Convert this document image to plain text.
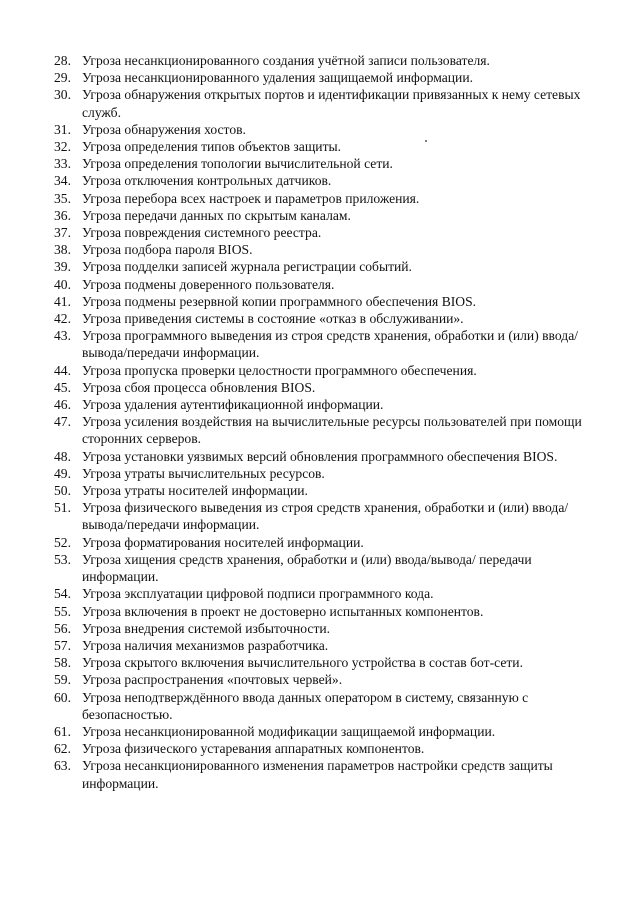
28. Угроза несанкционированного создания учётной записи пользователя.
29. Угроза несанкционированного удаления защищаемой информации.
30. Угроза обнаружения открытых портов и идентификации привязанных к нему сетевых служб.
31. Угроза обнаружения хостов.
32. Угроза определения типов объектов защиты.
33. Угроза определения топологии вычислительной сети.
34. Угроза отключения контрольных датчиков.
35. Угроза перебора всех настроек и параметров приложения.
36. Угроза передачи данных по скрытым каналам.
37. Угроза повреждения системного реестра.
38. Угроза подбора пароля BIOS.
39. Угроза подделки записей журнала регистрации событий.
40. Угроза подмены доверенного пользователя.
41. Угроза подмены резервной копии программного обеспечения BIOS.
42. Угроза приведения системы в состояние «отказ в обслуживании».
43. Угроза программного выведения из строя средств хранения, обработки и (или) ввода/вывода/передачи информации.
44. Угроза пропуска проверки целостности программного обеспечения.
45. Угроза сбоя процесса обновления BIOS.
46. Угроза удаления аутентификационной информации.
47. Угроза усиления воздействия на вычислительные ресурсы пользователей при помощи сторонних серверов.
48. Угроза установки уязвимых версий обновления программного обеспечения BIOS.
49. Угроза утраты вычислительных ресурсов.
50. Угроза утраты носителей информации.
51. Угроза физического выведения из строя средств хранения, обработки и (или) ввода/вывода/передачи информации.
52. Угроза форматирования носителей информации.
53. Угроза хищения средств хранения, обработки и (или) ввода/вывода/ передачи информации.
54. Угроза эксплуатации цифровой подписи программного кода.
55. Угроза включения в проект не достоверно испытанных компонентов.
56. Угроза внедрения системой избыточности.
57. Угроза наличия механизмов разработчика.
58. Угроза скрытого включения вычислительного устройства в состав бот-сети.
59. Угроза распространения «почтовых червей».
60. Угроза неподтверждённого ввода данных оператором в систему, связанную с безопасностью.
61. Угроза несанкционированной модификации защищаемой информации.
62. Угроза физического устаревания аппаратных компонентов.
63. Угроза несанкционированного изменения параметров настройки средств защиты информации.
